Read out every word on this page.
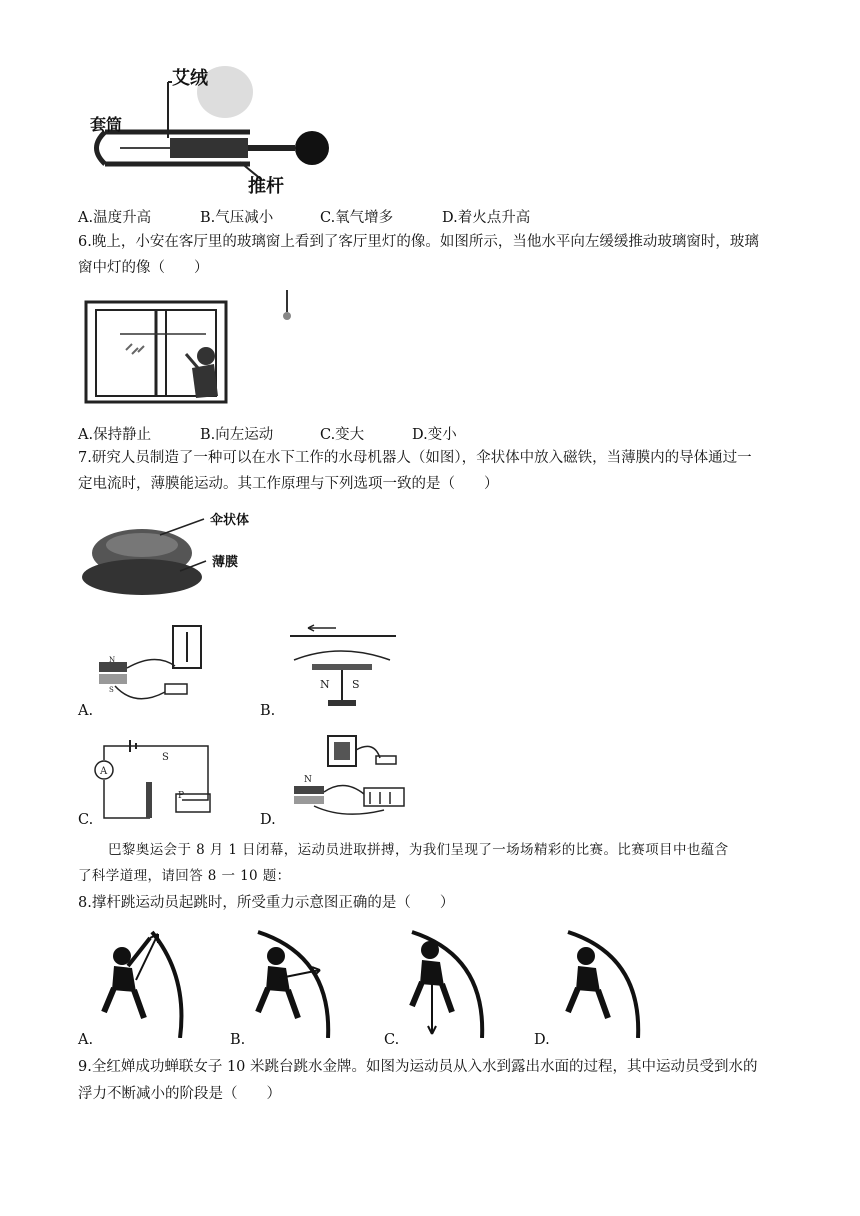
艾绒
套筒
推杆
A.温度升高	B.气压减小	C.氧气增多	D.着火点升高
6.晚上，小安在客厅里的玻璃窗上看到了客厅里灯的像。如图所示，当他水平向左缓缓推动玻璃窗时，玻璃
窗中灯的像（　　）
A.保持静止	B.向左运动	C.变大	D.变小
7.研究人员制造了一种可以在水下工作的水母机器人（如图），伞状体中放入磁铁，当薄膜内的导体通过一
定电流时，薄膜能运动。其工作原理与下列选项一致的是（　　）
伞状体
薄膜
N
S
A.
N S
B.
A
S
P
C.
N
D.
巴黎奥运会于 8 月 1 日闭幕，运动员进取拼搏，为我们呈现了一场场精彩的比赛。比赛项目中也蕴含
了科学道理，请回答 8 一 10 题：
8.撑杆跳运动员起跳时，所受重力示意图正确的是（　　）
A.	B.	C.	D.
9.全红婵成功蝉联女子 10 米跳台跳水金牌。如图为运动员从入水到露出水面的过程，其中运动员受到水的
浮力不断减小的阶段是（　　）
